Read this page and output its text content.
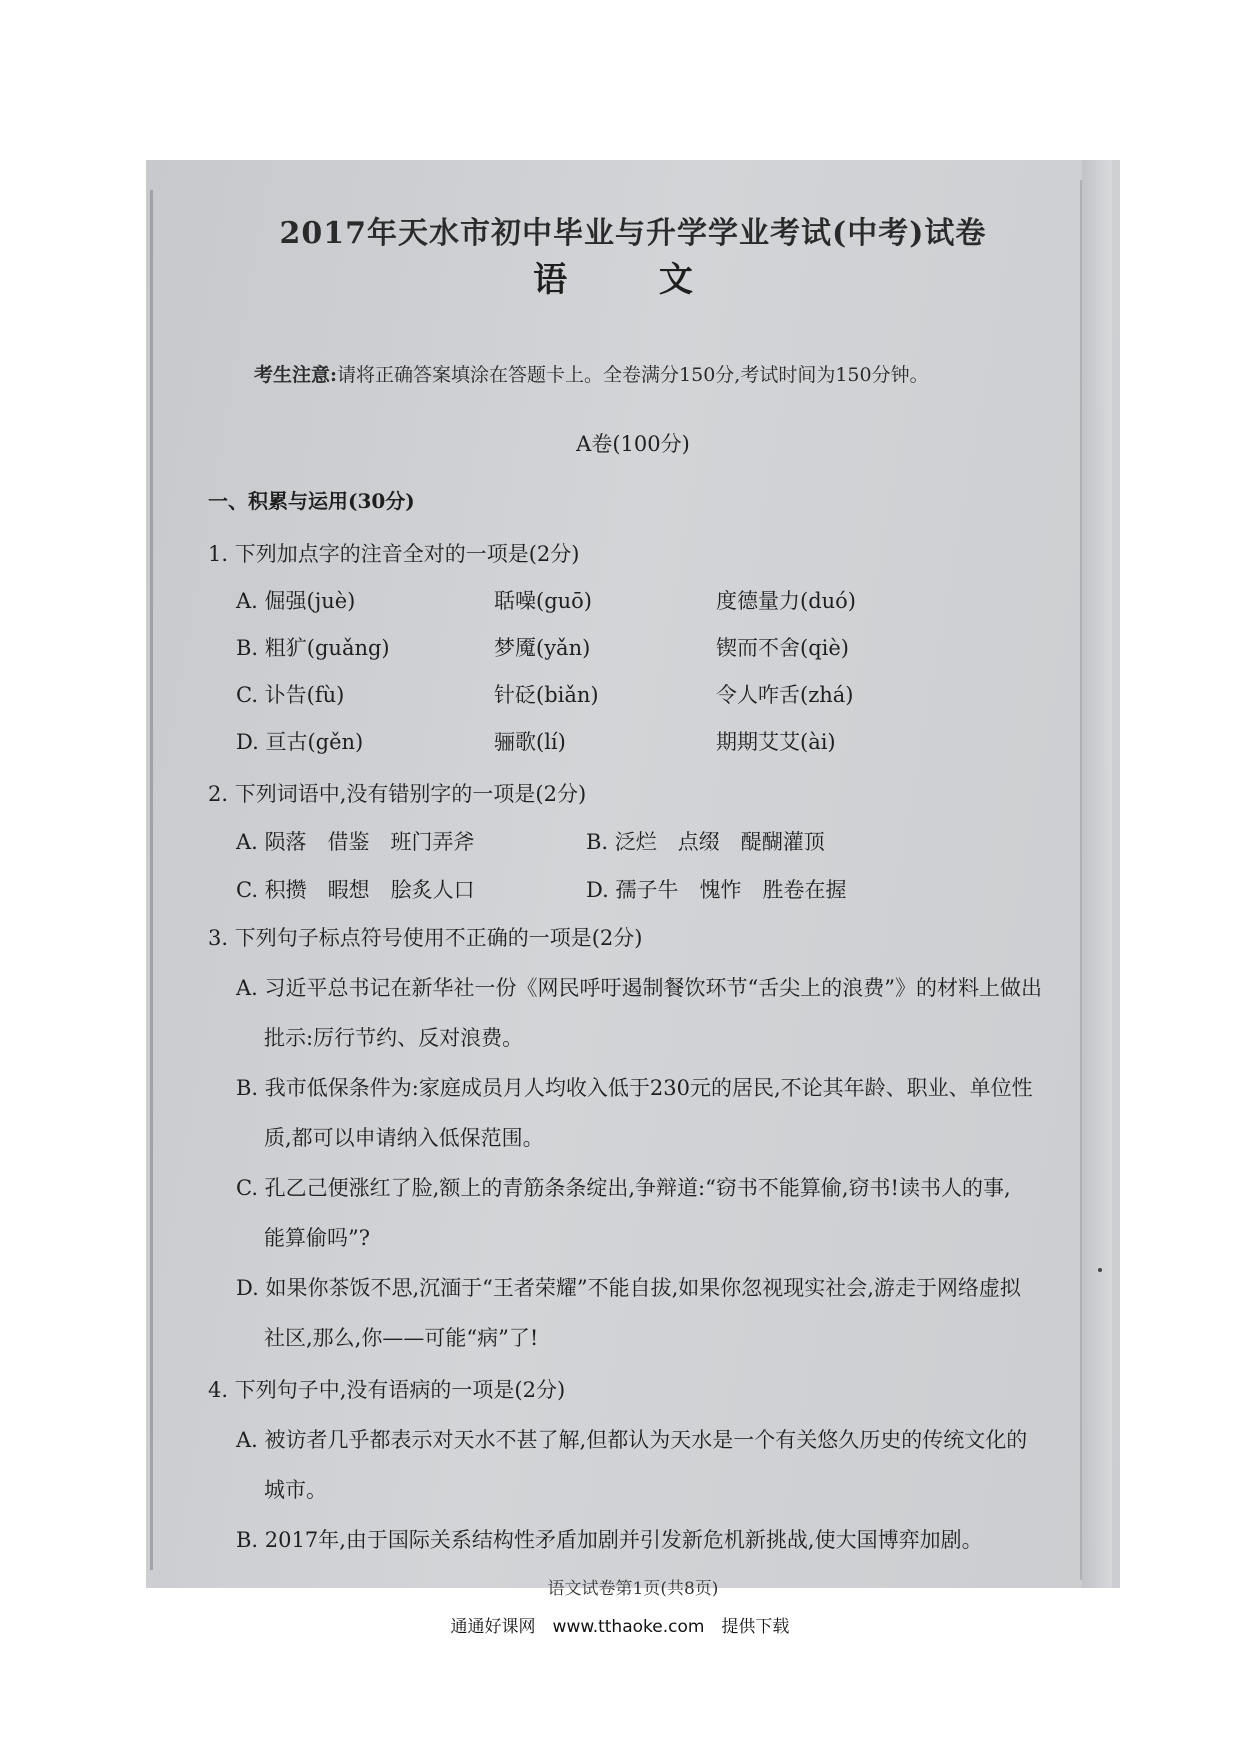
2017年天水市初中毕业与升学学业考试(中考)试卷
语 文
考生注意:请将正确答案填涂在答题卡上。全卷满分150分,考试时间为150分钟。
A卷(100分)
一、积累与运用(30分)
1. 下列加点字的注音全对的一项是(2分)
A. 倔强(juè)	聒噪(guō)	度德量力(duó)
B. 粗犷(guǎng)	梦魇(yǎn)	锲而不舍(qiè)
C. 讣告(fù)	针砭(biǎn)	令人咋舌(zhá)
D. 亘古(gěn)	骊歌(lí)	期期艾艾(ài)
2. 下列词语中,没有错别字的一项是(2分)
A. 陨落　借鉴　班门弄斧	B. 泛烂　点缀　醍醐灌顶
C. 积攒　暇想　脍炙人口	D. 孺子牛　愧怍　胜卷在握
3. 下列句子标点符号使用不正确的一项是(2分)
A. 习近平总书记在新华社一份《网民呼吁遏制餐饮环节“舌尖上的浪费”》的材料上做出
批示:厉行节约、反对浪费。
B. 我市低保条件为:家庭成员月人均收入低于230元的居民,不论其年龄、职业、单位性
质,都可以申请纳入低保范围。
C. 孔乙己便涨红了脸,额上的青筋条条绽出,争辩道:“窃书不能算偷,窃书!读书人的事,
能算偷吗”?
D. 如果你茶饭不思,沉湎于“王者荣耀”不能自拔,如果你忽视现实社会,游走于网络虚拟
社区,那么,你——可能“病”了!
4. 下列句子中,没有语病的一项是(2分)
A. 被访者几乎都表示对天水不甚了解,但都认为天水是一个有关悠久历史的传统文化的
城市。
B. 2017年,由于国际关系结构性矛盾加剧并引发新危机新挑战,使大国博弈加剧。
语文试卷第1页(共8页)
通通好课网　www.tthaoke.com　提供下载
